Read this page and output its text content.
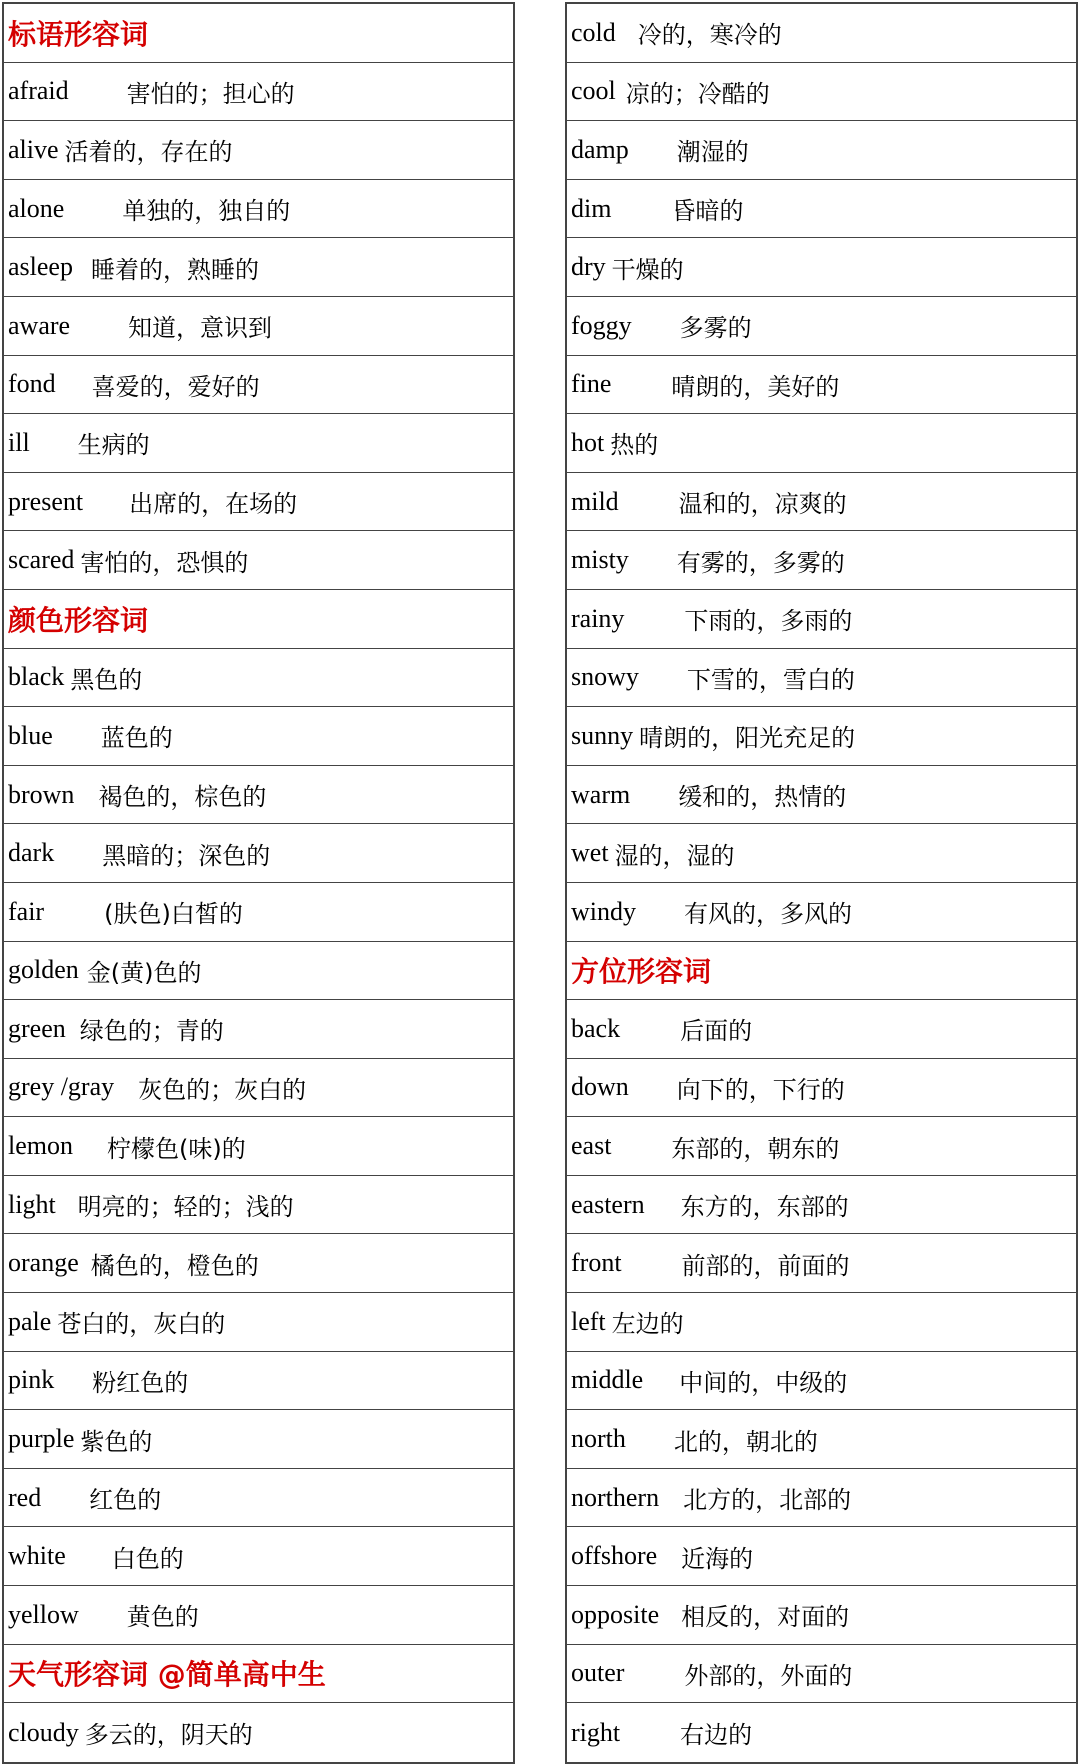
标语形容词
afraid 害怕的；担心的
alive 活着的，存在的
alone 单独的，独自的
asleep 睡着的，熟睡的
aware 知道，意识到
fond 喜爱的，爱好的
ill 生病的
present 出席的，在场的
scared 害怕的，恐惧的
颜色形容词
black 黑色的
blue 蓝色的
brown 褐色的，棕色的
dark 黑暗的；深色的
fair	(肤色)白皙的
golden 金(黄)色的
green 绿色的；青的
grey /gray 灰色的；灰白的
lemon 柠檬色(味)的
light 明亮的；轻的；浅的
orange 橘色的，橙色的
pale 苍白的，灰白的
pink 粉红色的
purple 紫色的
red 红色的
white 白色的
yellow 黄色的
天气形容词 @简单高中生
cloudy 多云的，阴天的
cold 冷的，寒冷的
cool 凉的；冷酷的
damp 潮湿的
dim	昏暗的
dry 干燥的
foggy 多雾的
fine	晴朗的，美好的
hot 热的
mild	温和的，凉爽的
misty 有雾的，多雾的
rainy	下雨的，多雨的
snowy 下雪的，雪白的
sunny 晴朗的，阳光充足的
warm 缓和的，热情的
wet 湿的，湿的
windy 有风的，多风的
方位形容词
back	后面的
down 向下的，下行的
east	东部的，朝东的
eastern 东方的，东部的
front	前部的，前面的
left 左边的
middle 中间的，中级的
north 北的，朝北的
northern 北方的，北部的
offshore 近海的
opposite 相反的，对面的
outer	外部的，外面的
right	右边的
